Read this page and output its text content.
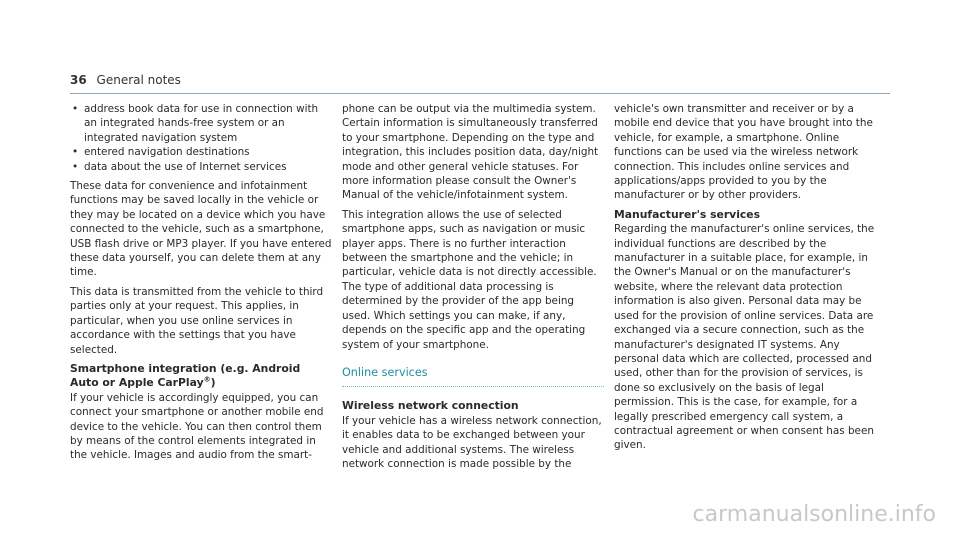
36 General notes
• address book data for use in connection with an integrated hands-free system or an integrated navigation system
• entered navigation destinations
• data about the use of Internet services

These data for convenience and infotainment functions may be saved locally in the vehicle or they may be located on a device which you have connected to the vehicle, such as a smartphone, USB flash drive or MP3 player. If you have entered these data yourself, you can delete them at any time.

This data is transmitted from the vehicle to third parties only at your request. This applies, in particular, when you use online services in accordance with the settings that you have selected.

Smartphone integration (e.g. Android Auto or Apple CarPlay®)

If your vehicle is accordingly equipped, you can connect your smartphone or another mobile end device to the vehicle. You can then control them by means of the control elements integrated in the vehicle. Images and audio from the smart-

phone can be output via the multimedia system. Certain information is simultaneously transferred to your smartphone. Depending on the type and integration, this includes position data, day/night mode and other general vehicle statuses. For more information please consult the Owner's Manual of the vehicle/infotainment system.

This integration allows the use of selected smartphone apps, such as navigation or music player apps. There is no further interaction between the smartphone and the vehicle; in particular, vehicle data is not directly accessible. The type of additional data processing is determined by the provider of the app being used. Which settings you can make, if any, depends on the specific app and the operating system of your smartphone.

Online services
Wireless network connection

If your vehicle has a wireless network connection, it enables data to be exchanged between your vehicle and additional systems. The wireless network connection is made possible by the

vehicle's own transmitter and receiver or by a mobile end device that you have brought into the vehicle, for example, a smartphone. Online functions can be used via the wireless network connection. This includes online services and applications/apps provided to you by the manufacturer or by other providers.

Manufacturer's services

Regarding the manufacturer's online services, the individual functions are described by the manufacturer in a suitable place, for example, in the Owner's Manual or on the manufacturer's website, where the relevant data protection information is also given. Personal data may be used for the provision of online services. Data are exchanged via a secure connection, such as the manufacturer's designated IT systems. Any personal data which are collected, processed and used, other than for the provision of services, is done so exclusively on the basis of legal permission. This is the case, for example, for a legally prescribed emergency call system, a contractual agreement or when consent has been given.

carmanualsonline.info
